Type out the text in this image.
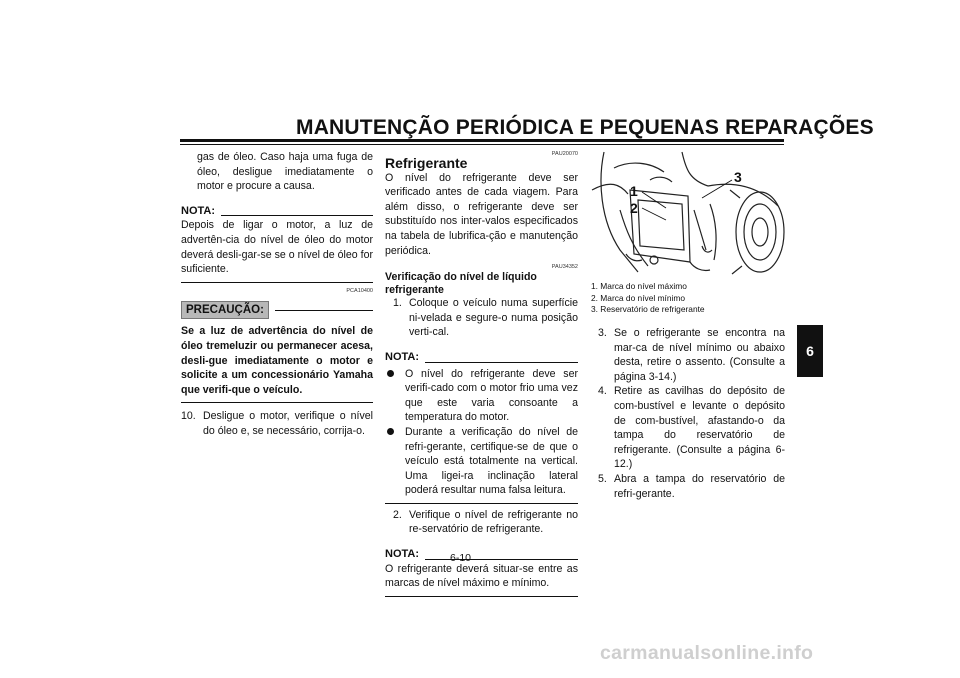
MANUTENÇÃO PERIÓDICA E PEQUENAS REPARAÇÕES
6
gas de óleo. Caso haja uma fuga de óleo, desligue imediatamente o motor e procure a causa.
NOTA:
Depois de ligar o motor, a luz de advertên-cia do nível de óleo do motor deverá desli-gar-se se o nível de óleo for suficiente.
PCA10400
PRECAUÇÃO:
Se a luz de advertência do nível de óleo tremeluzir ou permanecer acesa, desli-gue imediatamente o motor e solicite a um concessionário Yamaha que verifi-que o veículo.
10. Desligue o motor, verifique o nível do óleo e, se necessário, corrija-o.
PAU20070
Refrigerante
O nível do refrigerante deve ser verificado antes de cada viagem. Para além disso, o refrigerante deve ser substituído nos inter-valos especificados na tabela de lubrifica-ção e manutenção periódica.
PAU34352
Verificação do nível de líquido refrigerante
1. Coloque o veículo numa superfície ni-velada e segure-o numa posição verti-cal.
NOTA:
O nível do refrigerante deve ser verifi-cado com o motor frio uma vez que este varia consoante a temperatura do motor.
Durante a verificação do nível de refri-gerante, certifique-se de que o veículo está totalmente na vertical. Uma ligei-ra inclinação lateral poderá resultar numa falsa leitura.
2. Verifique o nível de refrigerante no re-servatório de refrigerante.
NOTA:
O refrigerante deverá situar-se entre as marcas de nível máximo e mínimo.
1
2
3
1. Marca do nível máximo
2. Marca do nível mínimo
3. Reservatório de refrigerante
3. Se o refrigerante se encontra na mar-ca de nível mínimo ou abaixo desta, retire o assento. (Consulte a página 3-14.)
4. Retire as cavilhas do depósito de com-bustível e levante o depósito de com-bustível, afastando-o da tampa do reservatório de refrigerante. (Consulte a página 6-12.)
5. Abra a tampa do reservatório de refri-gerante.
6-10
carmanualsonline.info
